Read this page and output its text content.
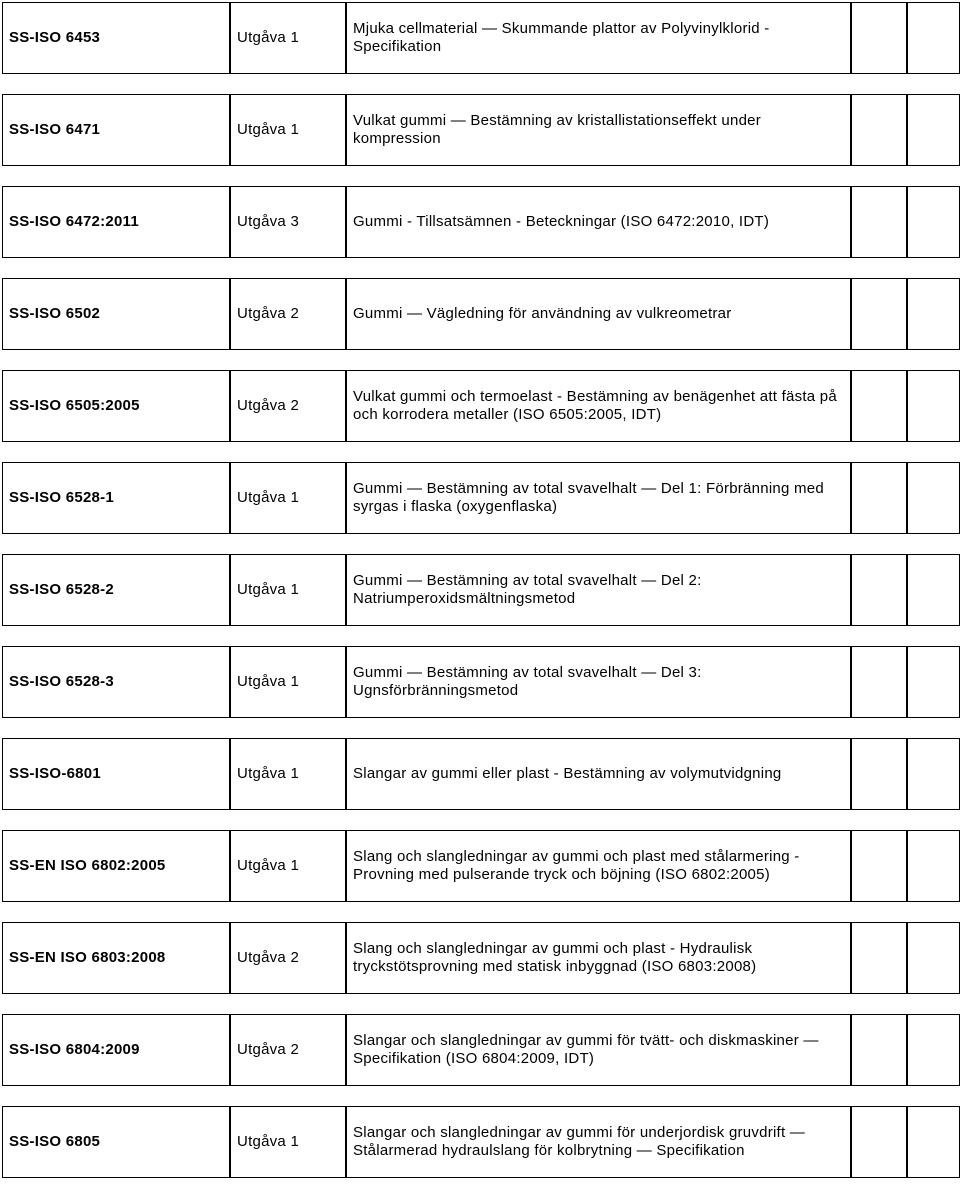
SS-ISO 6453	Utgåva 1	Mjuka cellmaterial — Skummande plattor av Polyvinylklorid - Specifikation		

SS-ISO 6471	Utgåva 1	Vulkat gummi — Bestämning av kristallistationseffekt under kompression		

SS-ISO 6472:2011	Utgåva 3	Gummi - Tillsatsämnen - Beteckningar (ISO 6472:2010, IDT)		

SS-ISO 6502	Utgåva 2	Gummi — Vägledning för användning av vulkreometrar		

SS-ISO 6505:2005	Utgåva 2	Vulkat gummi och termoelast - Bestämning av benägenhet att fästa på och korrodera metaller (ISO 6505:2005, IDT)		

SS-ISO 6528-1	Utgåva 1	Gummi — Bestämning av total svavelhalt — Del 1: Förbränning med syrgas i flaska (oxygenflaska)		

SS-ISO 6528-2	Utgåva 1	Gummi — Bestämning av total svavelhalt — Del 2: Natriumperoxidsmältningsmetod		

SS-ISO 6528-3	Utgåva 1	Gummi — Bestämning av total svavelhalt — Del 3: Ugnsförbränningsmetod		

SS-ISO-6801	Utgåva 1	Slangar av gummi eller plast - Bestämning av volymutvidgning		

SS-EN ISO 6802:2005	Utgåva 1	Slang och slangledningar av gummi och plast med stålarmering - Provning med pulserande tryck och böjning (ISO 6802:2005)		

SS-EN ISO 6803:2008	Utgåva 2	Slang och slangledningar av gummi och plast - Hydraulisk tryckstötsprovning med statisk inbyggnad (ISO 6803:2008)		

SS-ISO 6804:2009	Utgåva 2	Slangar och slangledningar av gummi för tvätt- och diskmaskiner — Specifikation (ISO 6804:2009, IDT)		

SS-ISO 6805	Utgåva 1	Slangar och slangledningar av gummi för underjordisk gruvdrift — Stålarmerad hydraulslang för kolbrytning — Specifikation		
